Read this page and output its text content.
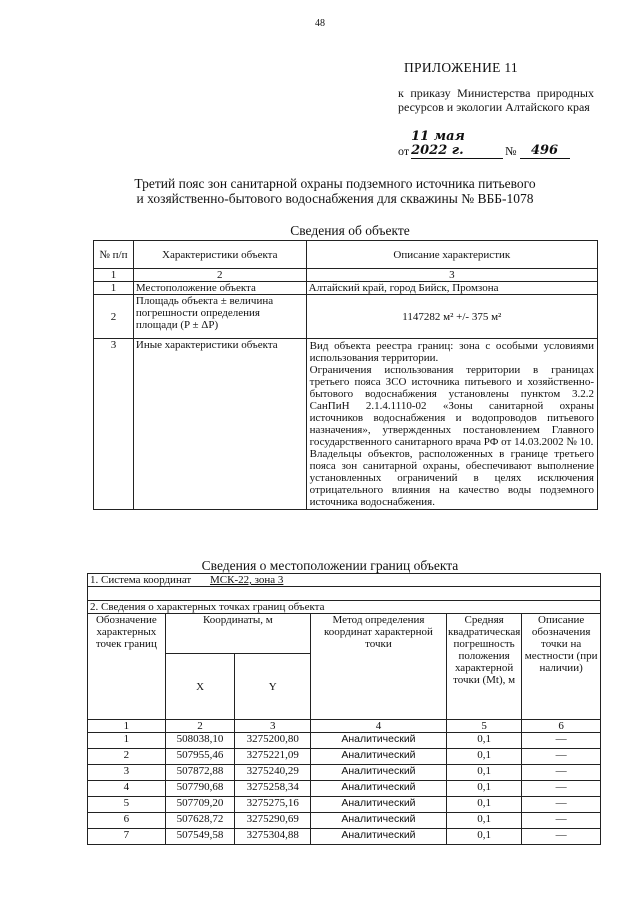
48
ПРИЛОЖЕНИЕ 11
к приказу Министерства природных ресурсов и экологии Алтайского края
от
11 мая 2022 г.	№	496
Третий пояс зон санитарной охраны подземного источника питьевого
и хозяйственно-бытового водоснабжения для скважины № ВББ-1078
Сведения об объекте
№ п/п	Характеристики объекта	Описание характеристик
1	2	3
1	Местоположение объекта	Алтайский край, город Бийск, Промзона
2	Площадь объекта ± величина погрешности определения площади (P ± ΔP)	1147282 м² +/- 375 м²
3	Иные характеристики объекта	Вид объекта реестра границ: зона с особыми условиями использования территории.

Ограничения использования территории в границах третьего пояса ЗСО источника питьевого и хозяйственно-бытового водоснабжения установлены пунктом 3.2.2 СанПиН 2.1.4.1110-02 «Зоны санитарной охраны источников водоснабжения и водопроводов питьевого назначения», утвержденных постановлением Главного государственного санитарного врача РФ от 14.03.2002 № 10.

Владельцы объектов, расположенных в границе третьего пояса зон санитарной охраны, обеспечивают выполнение установленных ограничений в целях исключения отрицательного влияния на качество воды подземного источника водоснабжения.

Сведения о местоположении границ объекта
1. Система координат МСК-22, зона 3					

2. Сведения о характерных точках границ объекта					
Обозначение характерных точек границ	Координаты, м		Метод определения координат характерной точки	Средняя квадратическая погрешность положения характерной точки (Mt), м	Описание обозначения точки на местности (при наличии)
	X	Y			
1	2	3	4	5	6
1	508038,10	3275200,80	Аналитический	0,1	—
2	507955,46	3275221,09	Аналитический	0,1	—
3	507872,88	3275240,29	Аналитический	0,1	—
4	507790,68	3275258,34	Аналитический	0,1	—
5	507709,20	3275275,16	Аналитический	0,1	—
6	507628,72	3275290,69	Аналитический	0,1	—
7	507549,58	3275304,88	Аналитический	0,1	—
